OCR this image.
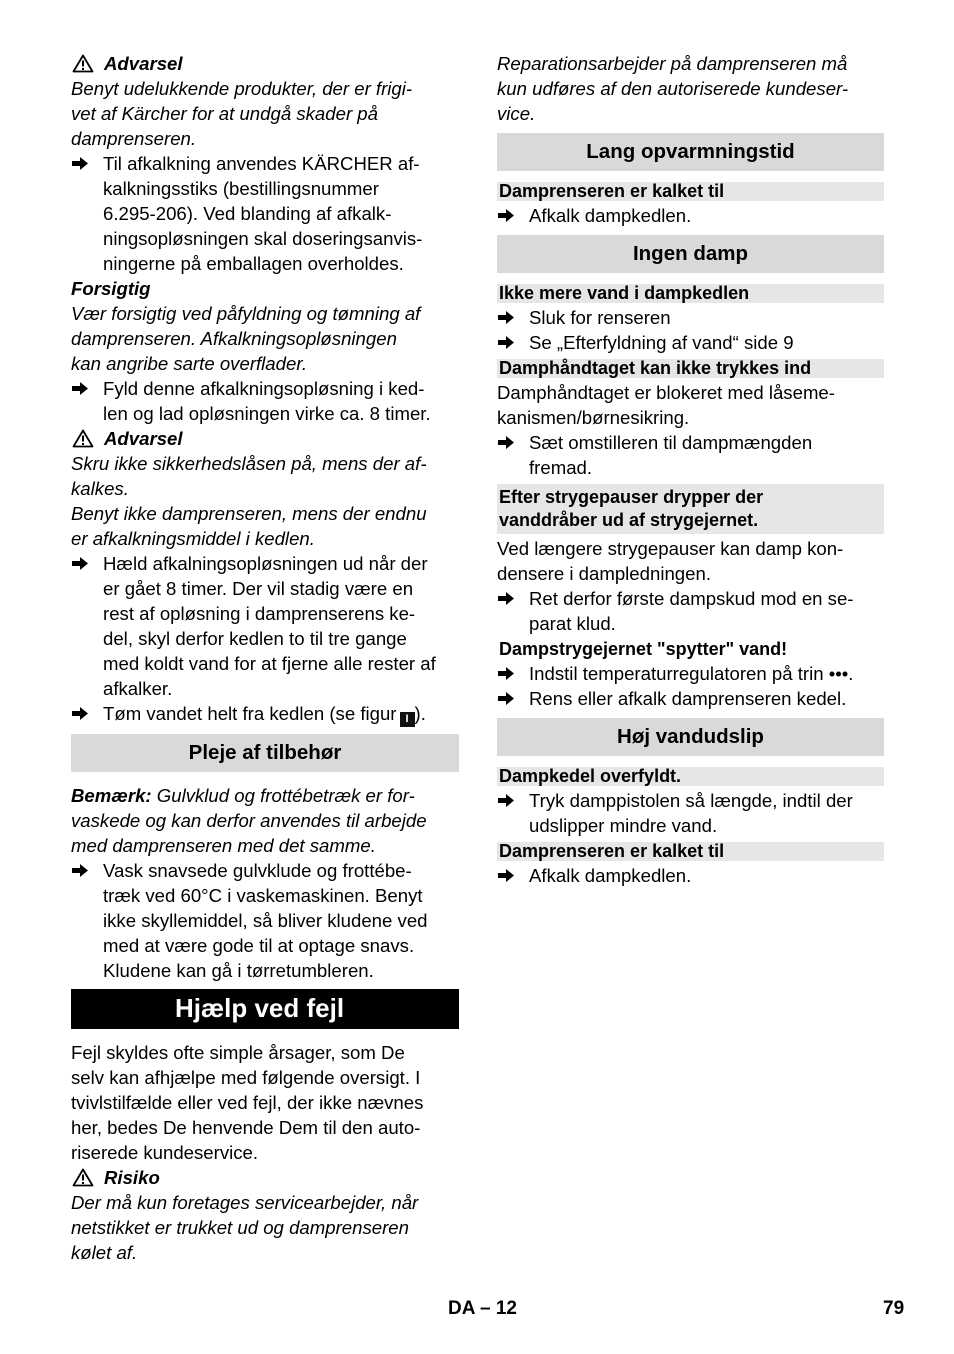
Advarsel

Benyt udelukkende produkter, der er frigi-
vet af Kärcher for at undgå skader på
damprenseren.

Til afkalkning anvendes KÄRCHER af-
kalkningsstiks (bestillingsnummer
6.295-206). Ved blanding af afkalk-
ningsopløsningen skal doseringsanvis-
ningerne på emballagen overholdes.
Forsigtig

Vær forsigtig ved påfyldning og tømning af
damprenseren. Afkalkningsopløsningen
kan angribe sarte overflader.

Fyld denne afkalkningsopløsning i ked-
len og lad opløsningen virke ca. 8 timer.
Advarsel

Skru ikke sikkerhedslåsen på, mens der af-
kalkes.
Benyt ikke damprenseren, mens der endnu
er afkalkningsmiddel i kedlen.

Hæld afkalningsopløsningen ud når der
er gået 8 timer. Der vil stadig være en
rest af opløsning i damprenserens ke-
del, skyl derfor kedlen to til tre gange
med koldt vand for at fjerne alle rester af
afkalker.
Tøm vandet helt fra kedlen (se figur I ).
Pleje af tilbehør

Bemærk: Gulvklud og frottébetræk er for-
vaskede og kan derfor anvendes til arbejde
med damprenseren med det samme.

Vask snavsede gulvklude og frottébe-
træk ved 60°C i vaskemaskinen. Benyt
ikke skyllemiddel, så bliver kludene ved
med at være gode til at optage snavs.
Kludene kan gå i tørretumbleren.
Hjælp ved fejl

Fejl skyldes ofte simple årsager, som De
selv kan afhjælpe med følgende oversigt. I
tvivlstilfælde eller ved fejl, der ikke nævnes
her, bedes De henvende Dem til den auto-
riserede kundeservice.

Risiko

Der må kun foretages servicearbejder, når
netstikket er trukket ud og damprenseren
kølet af.

Reparationsarbejder på damprenseren må
kun udføres af den autoriserede kundeser-
vice.

Lang opvarmningstid
Damprenseren er kalket til
Afkalk dampkedlen.
Ingen damp
Ikke mere vand i dampkedlen
Sluk for renseren
Se „Efterfyldning af vand“ side 9
Damphåndtaget kan ikke trykkes ind

Damphåndtaget er blokeret med låseme-
kanismen/børnesikring.

Sæt omstilleren til dampmængden
fremad.
Efter strygepauser drypper der
vanddråber ud af strygejernet.

Ved længere strygepauser kan damp kon-
densere i dampledningen.

Ret derfor første dampskud mod en se-
parat klud.
Dampstrygejernet "spytter" vand!
Indstil temperaturregulatoren på trin •••.
Rens eller afkalk damprenseren kedel.
Høj vandudslip
Dampkedel overfyldt.
Tryk damppistolen så længde, indtil der
udslipper mindre vand.
Damprenseren er kalket til
Afkalk dampkedlen.
DA – 12	79
